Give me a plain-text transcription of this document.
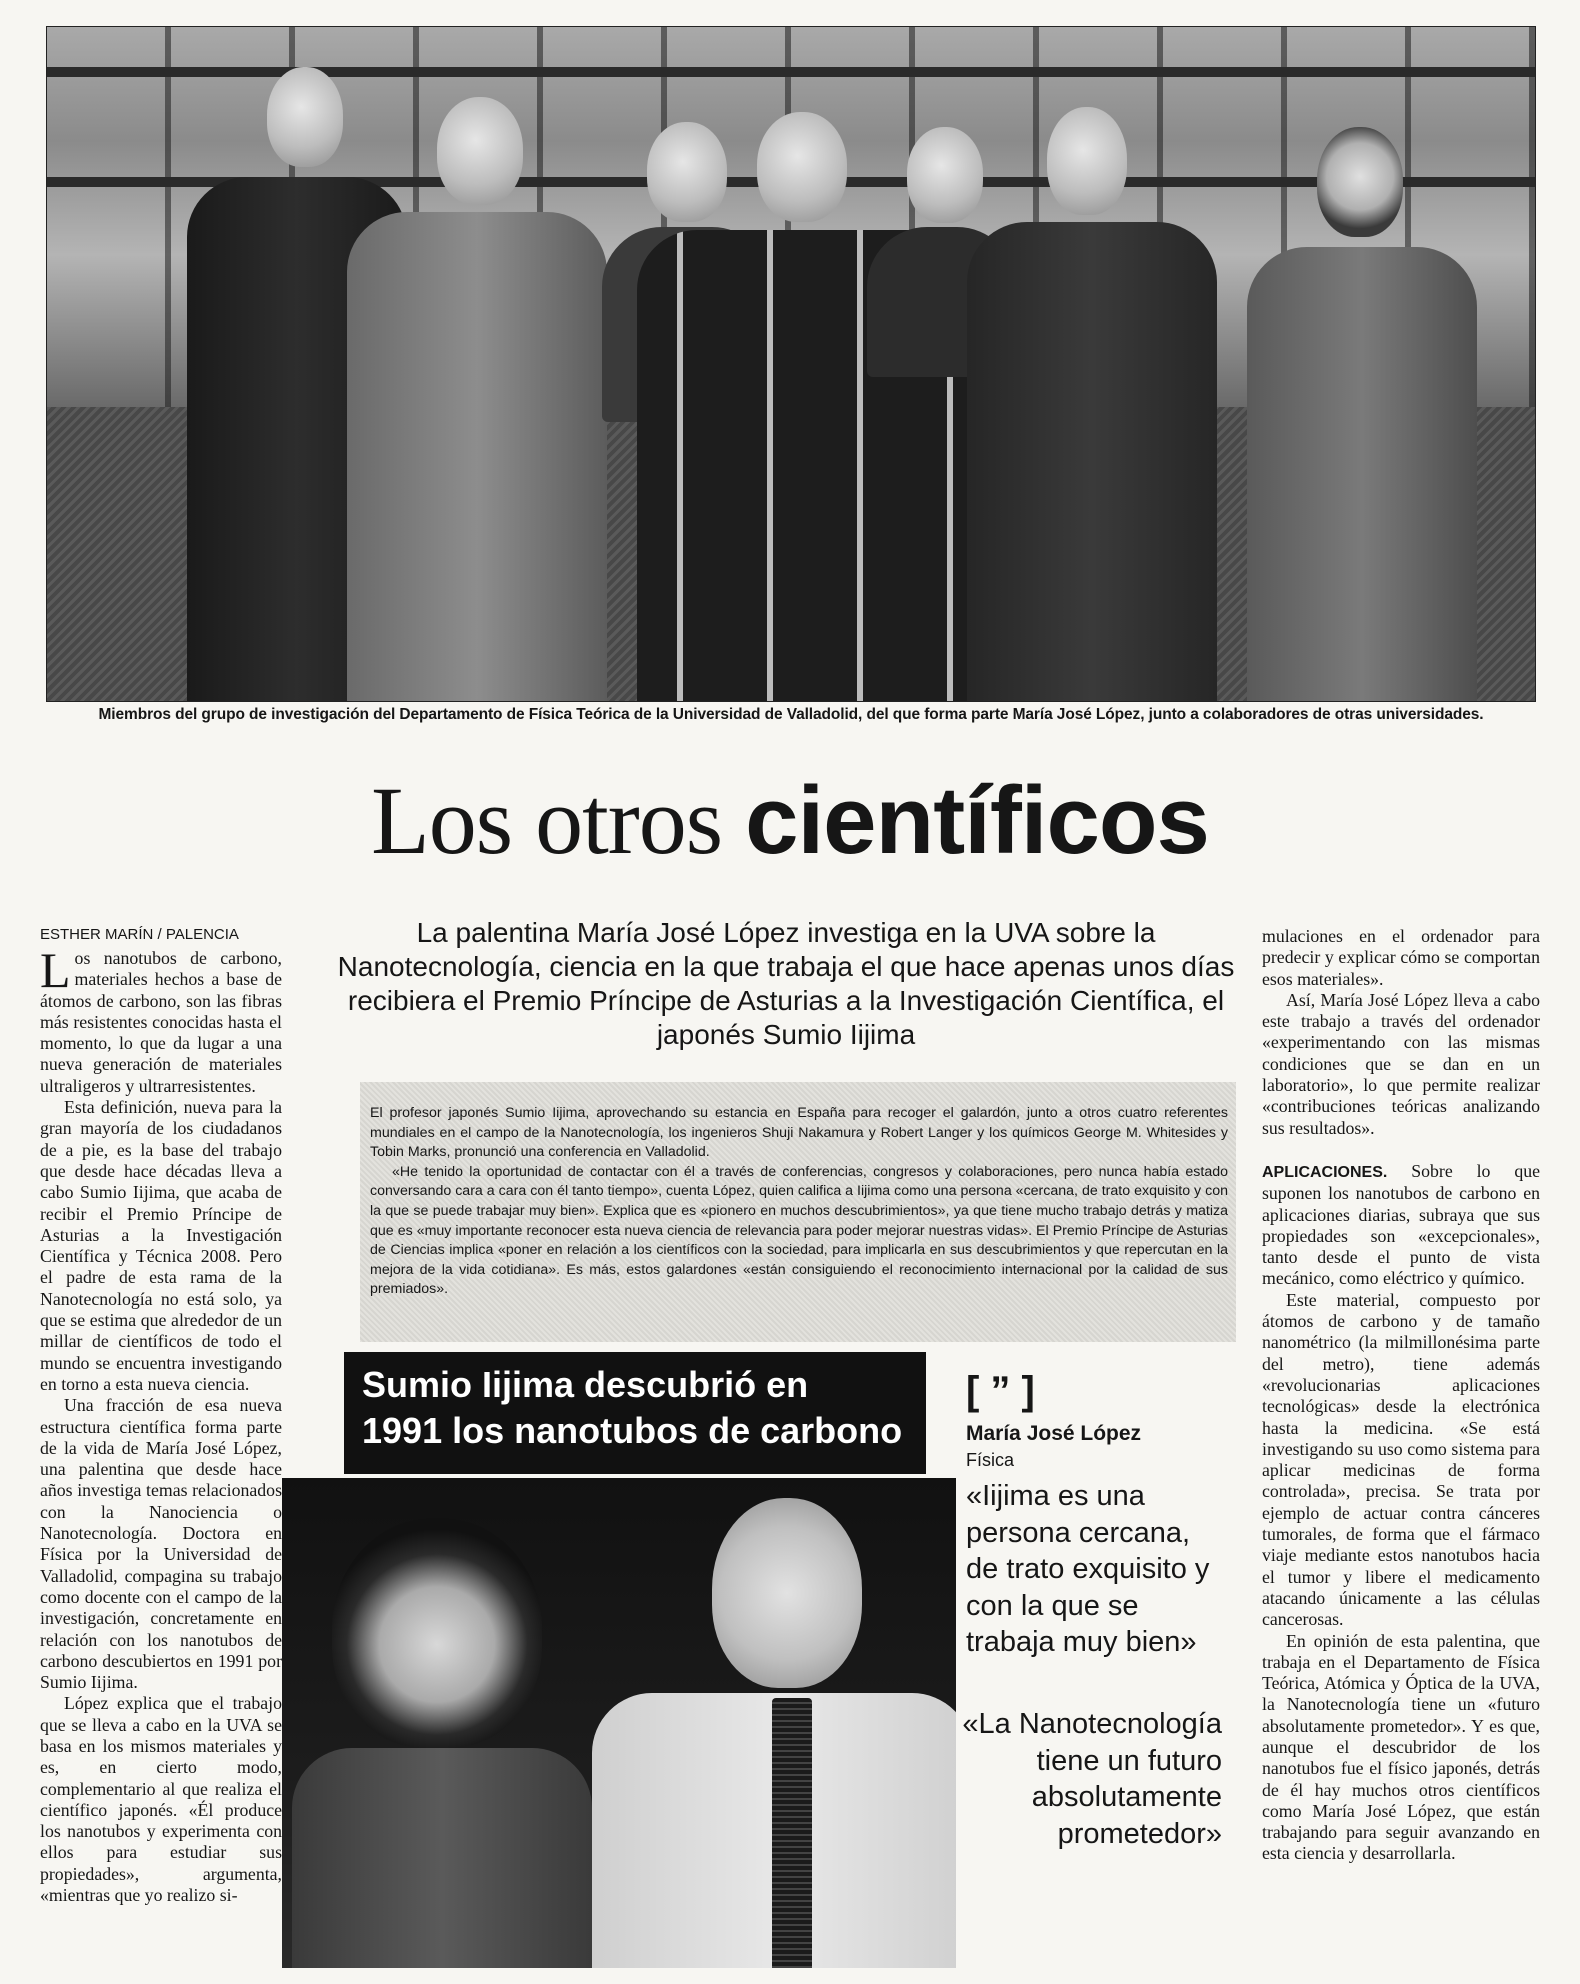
Miembros del grupo de investigación del Departamento de Física Teórica de la Universidad de Valladolid, del que forma parte María José López, junto a colaboradores de otras universidades.
Los otros científicos
ESTHER MARÍN / PALENCIA

Los nanotubos de carbono, materiales hechos a base de átomos de carbono, son las fibras más resistentes conocidas hasta el momento, lo que da lugar a una nueva generación de materiales ultraligeros y ultrarresistentes.

Esta definición, nueva para la gran mayoría de los ciudadanos de a pie, es la base del trabajo que desde hace décadas lleva a cabo Sumio Iijima, que acaba de recibir el Premio Príncipe de Asturias a la Investigación Científica y Técnica 2008. Pero el padre de esta rama de la Nanotecnología no está solo, ya que se estima que alrededor de un millar de científicos de todo el mundo se encuentra investigando en torno a esta nueva ciencia.

Una fracción de esa nueva estructura científica forma parte de la vida de María José López, una palentina que desde hace años investiga temas relacionados con la Nanociencia o Nanotecnología. Doctora en Física por la Universidad de Valladolid, compagina su trabajo como docente con el campo de la investigación, concretamente en relación con los nanotubos de carbono descubiertos en 1991 por Sumio Iijima.

López explica que el trabajo que se lleva a cabo en la UVA se basa en los mismos materiales y es, en cierto modo, complementario al que realiza el científico japonés. «Él produce los nanotubos y experimenta con ellos para estudiar sus propiedades», argumenta, «mientras que yo realizo si-

La palentina María José López investiga en la UVA sobre la Nanotecnología, ciencia en la que trabaja el que hace apenas unos días recibiera el Premio Príncipe de Asturias a la Investigación Científica, el japonés Sumio Iijima

El profesor japonés Sumio Iijima, aprovechando su estancia en España para recoger el galardón, junto a otros cuatro referentes mundiales en el campo de la Nanotecnología, los ingenieros Shuji Nakamura y Robert Langer y los químicos George M. Whitesides y Tobin Marks, pronunció una conferencia en Valladolid.

«He tenido la oportunidad de contactar con él a través de conferencias, congresos y colaboraciones, pero nunca había estado conversando cara a cara con él tanto tiempo», cuenta López, quien califica a Iijima como una persona «cercana, de trato exquisito y con la que se puede trabajar muy bien». Explica que es «pionero en muchos descubrimientos», ya que tiene mucho trabajo detrás y matiza que es «muy importante reconocer esta nueva ciencia de relevancia para poder mejorar nuestras vidas». El Premio Príncipe de Asturias de Ciencias implica «poner en relación a los científicos con la sociedad, para implicarla en sus descubrimientos y que repercutan en la mejora de la vida cotidiana». Es más, estos galardones «están consiguiendo el reconocimiento internacional por la calidad de sus premiados».

Sumio Iijima descubrió en
1991 los nanotubos de carbono
[ ” ]
María José López
Física
«Iijima es una persona cercana, de trato exquisito y con la que se trabaja muy bien»
«La Nanotecnología tiene un futuro absolutamente prometedor»

mulaciones en el ordenador para predecir y explicar cómo se comportan esos materiales».

Así, María José López lleva a cabo este trabajo a través del ordenador «experimentando con las mismas condiciones que se dan en un laboratorio», lo que permite realizar «contribuciones teóricas analizando sus resultados».

APLICACIONES. Sobre lo que suponen los nanotubos de carbono en aplicaciones diarias, subraya que sus propiedades son «excepcionales», tanto desde el punto de vista mecánico, como eléctrico y químico.

Este material, compuesto por átomos de carbono y de tamaño nanométrico (la milmillonésima parte del metro), tiene además «revolucionarias aplicaciones tecnológicas» desde la electrónica hasta la medicina. «Se está investigando su uso como sistema para aplicar medicinas de forma controlada», precisa. Se trata por ejemplo de actuar contra cánceres tumorales, de forma que el fármaco viaje mediante estos nanotubos hacia el tumor y libere el medicamento atacando únicamente a las células cancerosas.

En opinión de esta palentina, que trabaja en el Departamento de Física Teórica, Atómica y Óptica de la UVA, la Nanotecnología tiene un «futuro absolutamente prometedor». Y es que, aunque el descubridor de los nanotubos fue el físico japonés, detrás de él hay muchos otros científicos como María José López, que están trabajando para seguir avanzando en esta ciencia y desarrollarla.
